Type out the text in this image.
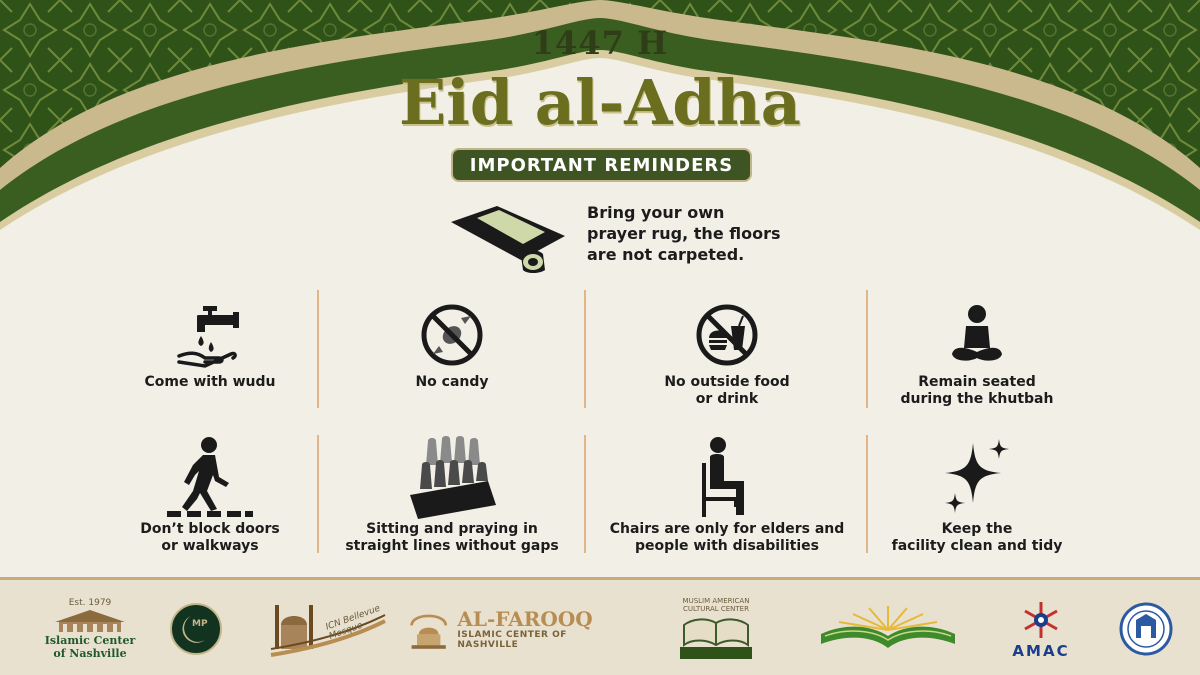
1447 H
Eid al-Adha
IMPORTANT REMINDERS
Bring your own
prayer rug, the floors
are not carpeted.
Come with wudu	No candy	No outside food
or drink
Remain seated
during the khutbah
Don’t block doors
or walkways
Sitting and praying in
straight lines without gaps
Chairs are only for elders and
people with disabilities
Keep the
facility clean and tidy
Est. 1979
Islamic Center
of Nashville
MP	ICN Bellevue Mosque
AL-FAROOQ
ISLAMIC CENTER OF NASHVILLE
MUSLIM AMERICAN CULTURAL CENTER
AMAC
